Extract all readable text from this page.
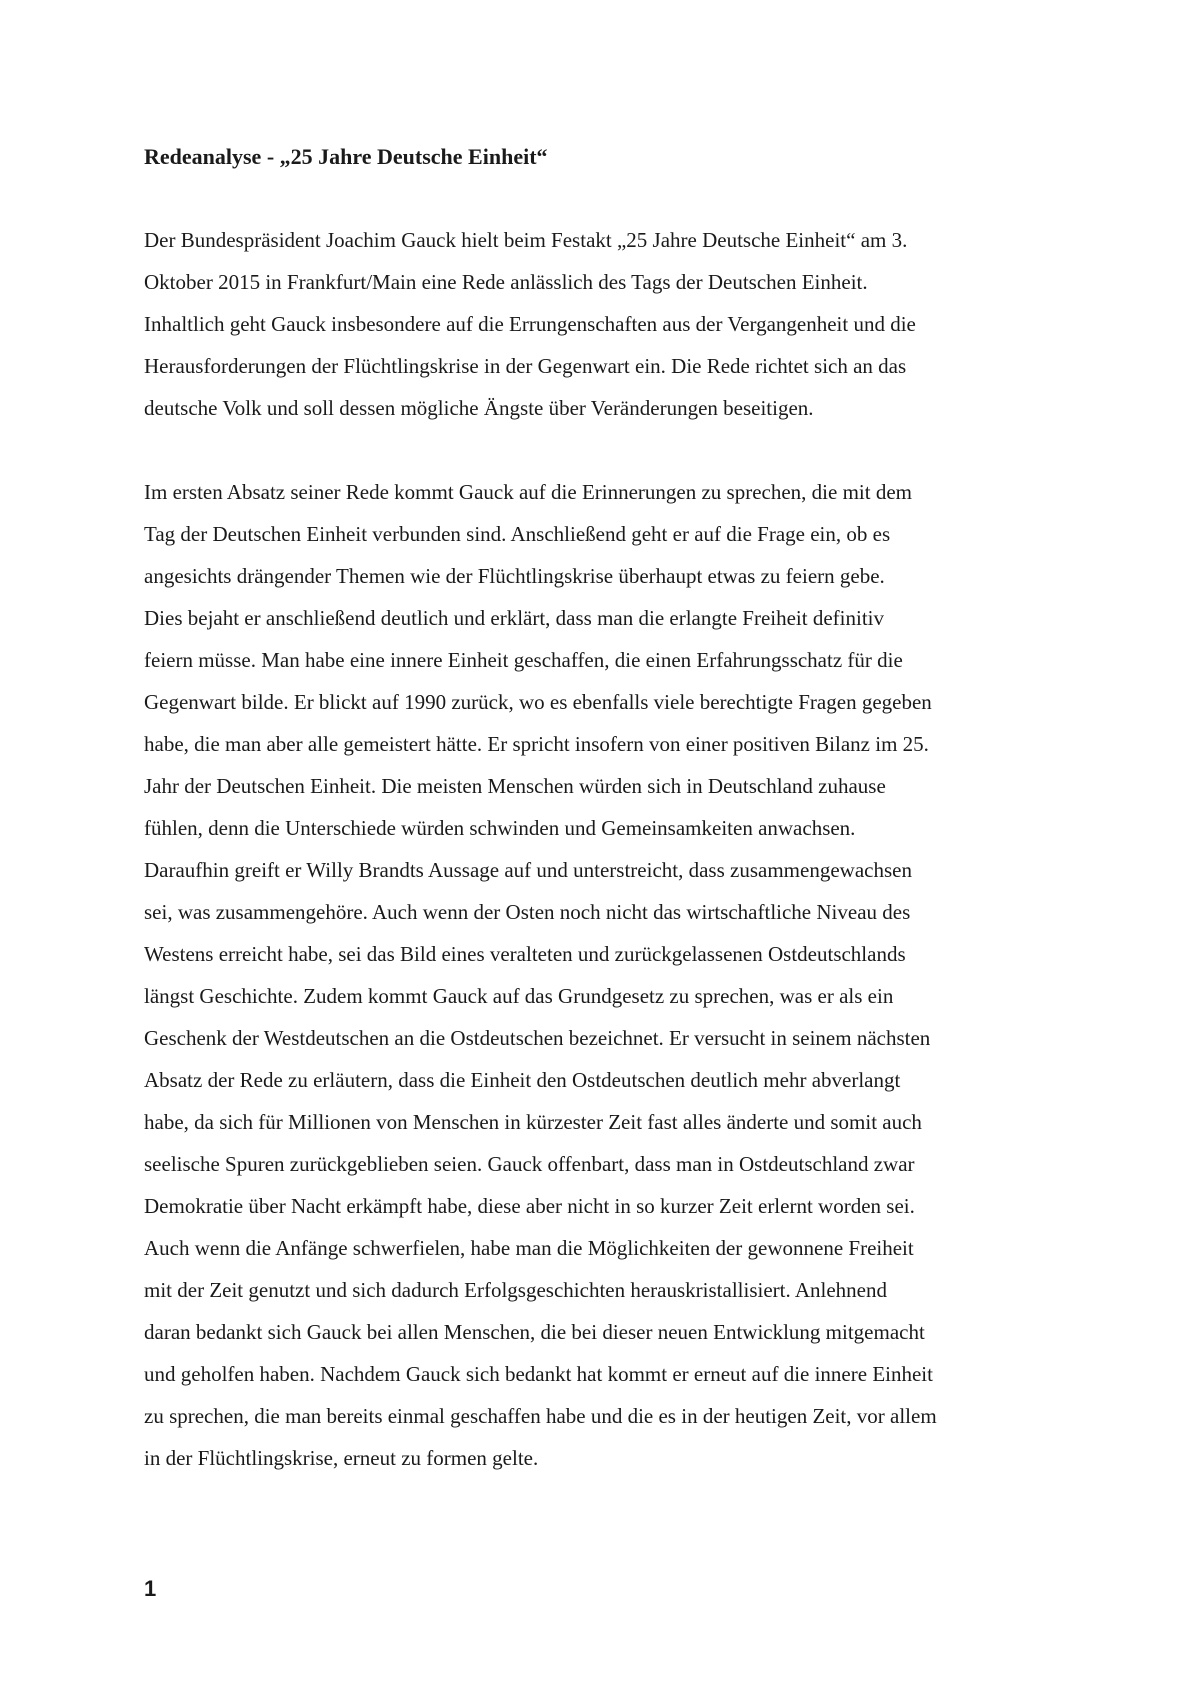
Redeanalyse - „25 Jahre Deutsche Einheit“

Der Bundespräsident Joachim Gauck hielt beim Festakt „25 Jahre Deutsche Einheit“ am 3.

Oktober 2015 in Frankfurt/Main eine Rede anlässlich des Tags der Deutschen Einheit.

Inhaltlich geht Gauck insbesondere auf die Errungenschaften aus der Vergangenheit und die

Herausforderungen der Flüchtlingskrise in der Gegenwart ein. Die Rede richtet sich an das

deutsche Volk und soll dessen mögliche Ängste über Veränderungen beseitigen.

Im ersten Absatz seiner Rede kommt Gauck auf die Erinnerungen zu sprechen, die mit dem

Tag der Deutschen Einheit verbunden sind. Anschließend geht er auf die Frage ein, ob es

angesichts drängender Themen wie der Flüchtlingskrise überhaupt etwas zu feiern gebe.

Dies bejaht er anschließend deutlich und erklärt, dass man die erlangte Freiheit definitiv

feiern müsse. Man habe eine innere Einheit geschaffen, die einen Erfahrungsschatz für die

Gegenwart bilde. Er blickt auf 1990 zurück, wo es ebenfalls viele berechtigte Fragen gegeben

habe, die man aber alle gemeistert hätte. Er spricht insofern von einer positiven Bilanz im 25.

Jahr der Deutschen Einheit. Die meisten Menschen würden sich in Deutschland zuhause

fühlen, denn die Unterschiede würden schwinden und Gemeinsamkeiten anwachsen.

Daraufhin greift er Willy Brandts Aussage auf und unterstreicht, dass zusammengewachsen

sei, was zusammengehöre. Auch wenn der Osten noch nicht das wirtschaftliche Niveau des

Westens erreicht habe, sei das Bild eines veralteten und zurückgelassenen Ostdeutschlands

längst Geschichte. Zudem kommt Gauck auf das Grundgesetz zu sprechen, was er als ein

Geschenk der Westdeutschen an die Ostdeutschen bezeichnet. Er versucht in seinem nächsten

Absatz der Rede zu erläutern, dass die Einheit den Ostdeutschen deutlich mehr abverlangt

habe, da sich für Millionen von Menschen in kürzester Zeit fast alles änderte und somit auch

seelische Spuren zurückgeblieben seien. Gauck offenbart, dass man in Ostdeutschland zwar

Demokratie über Nacht erkämpft habe, diese aber nicht in so kurzer Zeit erlernt worden sei.

Auch wenn die Anfänge schwerfielen, habe man die Möglichkeiten der gewonnene Freiheit

mit der Zeit genutzt und sich dadurch Erfolgsgeschichten herauskristallisiert. Anlehnend

daran bedankt sich Gauck bei allen Menschen, die bei dieser neuen Entwicklung mitgemacht

und geholfen haben. Nachdem Gauck sich bedankt hat kommt er erneut auf die innere Einheit

zu sprechen, die man bereits einmal geschaffen habe und die es in der heutigen Zeit, vor allem

in der Flüchtlingskrise, erneut zu formen gelte.

1
